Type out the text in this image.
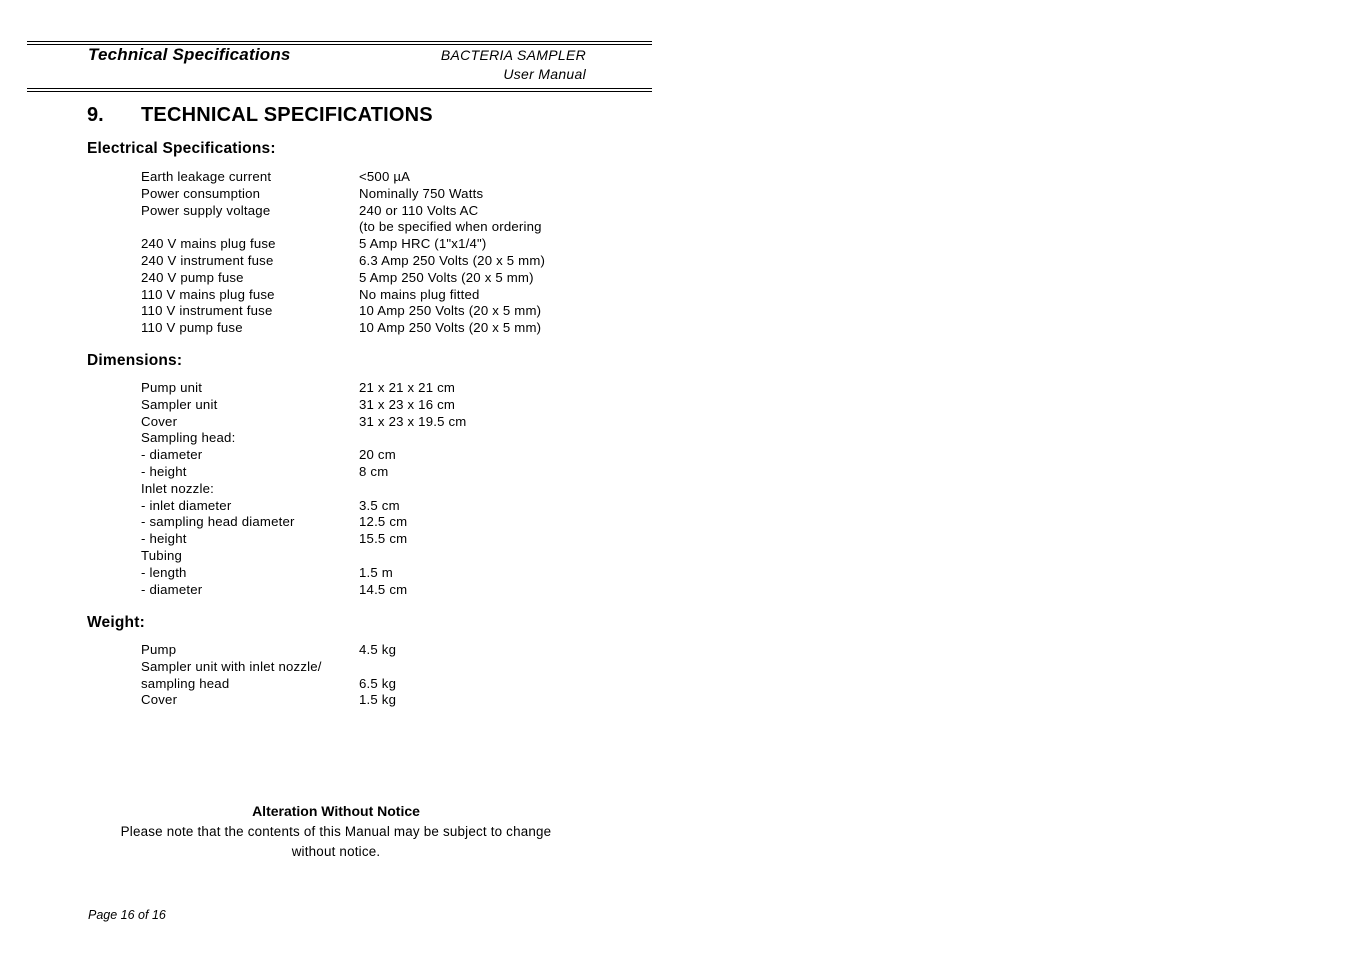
Technical Specifications	BACTERIA SAMPLER
User Manual
9. TECHNICAL SPECIFICATIONS
Electrical Specifications:
Earth leakage current	<500 µA
Power consumption	Nominally 750 Watts
Power supply voltage	240 or 110 Volts AC
(to be specified when ordering
240 V mains plug fuse	5 Amp HRC (1"x1/4")
240 V instrument fuse	6.3 Amp 250 Volts (20 x 5 mm)
240 V pump fuse	5 Amp 250 Volts (20 x 5 mm)
110 V mains plug fuse	No mains plug fitted
110 V instrument fuse	10 Amp 250 Volts (20 x 5 mm)
110 V pump fuse	10 Amp 250 Volts (20 x 5 mm)
Dimensions:
Pump unit	21 x 21 x 21 cm
Sampler unit	31 x 23 x 16 cm
Cover	31 x 23 x 19.5 cm
Sampling head:
- diameter	20 cm
- height	8 cm
Inlet nozzle:
- inlet diameter	3.5 cm
- sampling head diameter	12.5 cm
- height	15.5 cm
Tubing
- length	1.5 m
- diameter	14.5 cm
Weight:
Pump	4.5 kg
Sampler unit with inlet nozzle/
sampling head	6.5 kg
Cover	1.5 kg
Alteration Without Notice
Please note that the contents of this Manual may be subject to change
without notice.
Page 16 of 16
